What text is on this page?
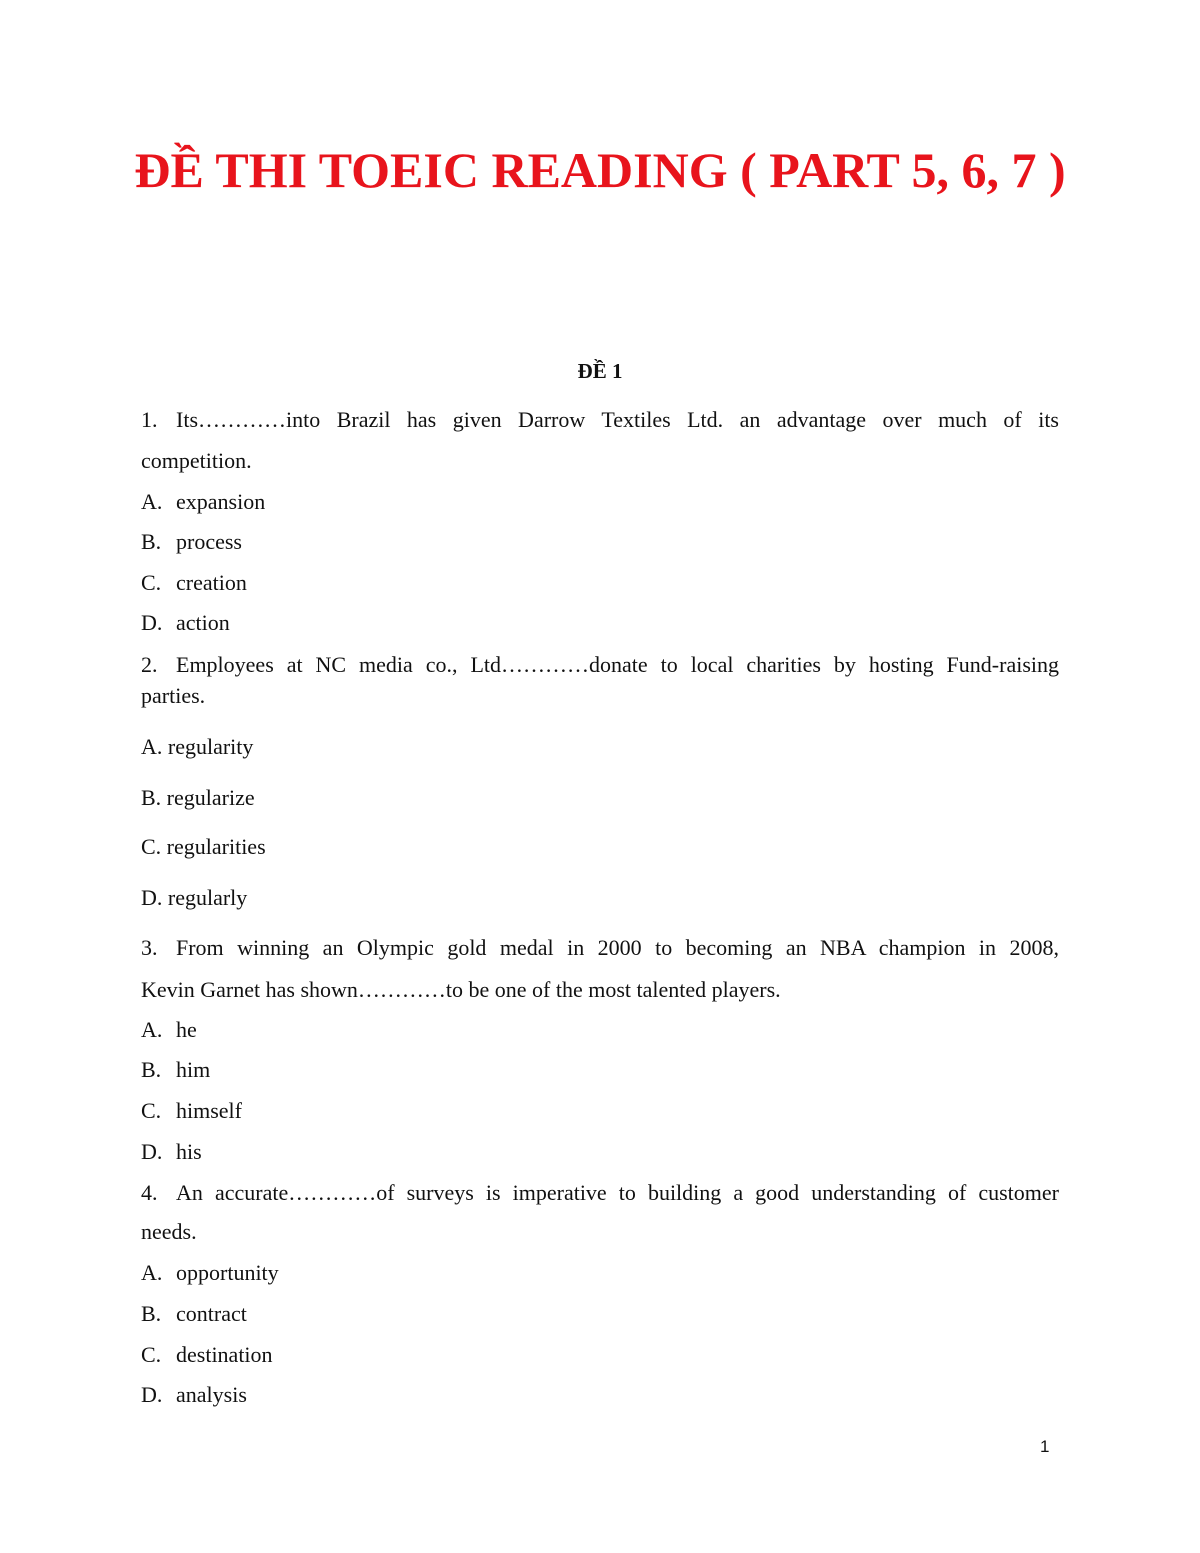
ĐỀ THI TOEIC READING ( PART 5, 6, 7 )
ĐỀ 1
1. Its…………into Brazil has given Darrow Textiles Ltd. an advantage over much of its
competition.
A. expansion
B. process
C. creation
D. action
2. Employees at NC media co., Ltd…………donate to local charities by hosting Fund-raising
parties.
A. regularity
B. regularize
C. regularities
D. regularly
3. From winning an Olympic gold medal in 2000 to becoming an NBA champion in 2008,
Kevin Garnet has shown…………to be one of the most talented players.
A. he
B. him
C. himself
D. his
4. An accurate…………of surveys is imperative to building a good understanding of customer
needs.
A. opportunity
B. contract
C. destination
D. analysis
1
